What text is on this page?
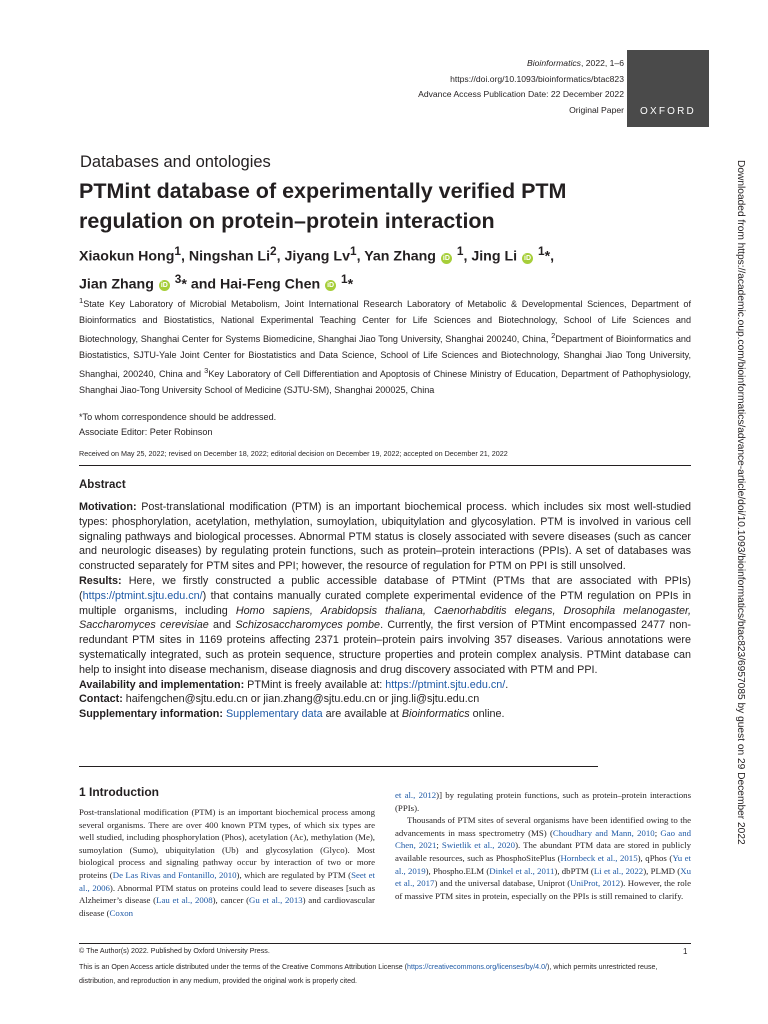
Bioinformatics, 2022, 1–6
https://doi.org/10.1093/bioinformatics/btac823
Advance Access Publication Date: 22 December 2022
Original Paper OXFORD
Downloaded from https://academic.oup.com/bioinformatics/advance-article/doi/10.1093/bioinformatics/btac823/6957085 by guest on 29 December 2022
Databases and ontologies
PTMint database of experimentally verified PTM regulation on protein–protein interaction
Xiaokun Hong$^1$, Ningshan Li$^2$, Jiyang Lv$^1$, Yan Zhang iD $^1$, Jing Li iD $^1$*,
Jian Zhang iD $^3$* and Hai-Feng Chen iD $^1$*
$^1$State Key Laboratory of Microbial Metabolism, Joint International Research Laboratory of Metabolic & Developmental Sciences, Department of Bioinformatics and Biostatistics, National Experimental Teaching Center for Life Sciences and Biotechnology, School of Life Sciences and Biotechnology, Shanghai Center for Systems Biomedicine, Shanghai Jiao Tong University, Shanghai 200240, China, $^2$Department of Bioinformatics and Biostatistics, SJTU-Yale Joint Center for Biostatistics and Data Science, School of Life Sciences and Biotechnology, Shanghai Jiao Tong University, Shanghai, 200240, China and $^3$Key Laboratory of Cell Differentiation and Apoptosis of Chinese Ministry of Education, Department of Pathophysiology, Shanghai Jiao-Tong University School of Medicine (SJTU-SM), Shanghai 200025, China
*To whom correspondence should be addressed.
Associate Editor: Peter Robinson
Received on May 25, 2022; revised on December 18, 2022; editorial decision on December 19, 2022; accepted on December 21, 2022
Abstract

Motivation: Post-translational modification (PTM) is an important biochemical process. which includes six most well-studied types: phosphorylation, acetylation, methylation, sumoylation, ubiquitylation and glycosylation. PTM is involved in various cell signaling pathways and biological processes. Abnormal PTM status is closely associated with severe diseases (such as cancer and neurologic diseases) by regulating protein functions, such as protein–protein interactions (PPIs). A set of databases was constructed separately for PTM sites and PPI; however, the resource of regulation for PTM on PPI is still unsolved.

Results: Here, we firstly constructed a public accessible database of PTMint (PTMs that are associated with PPIs) (https://ptmint.sjtu.edu.cn/) that contains manually curated complete experimental evidence of the PTM regulation on PPIs in multiple organisms, including Homo sapiens, Arabidopsis thaliana, Caenorhabditis elegans, Drosophila melanogaster, Saccharomyces cerevisiae and Schizosaccharomyces pombe. Currently, the first version of PTMint encompassed 2477 non-redundant PTM sites in 1169 proteins affecting 2371 protein–protein pairs involving 357 diseases. Various annotations were systematically integrated, such as protein sequence, structure properties and protein complex analysis. PTMint database can help to insight into disease mechanism, disease diagnosis and drug discovery associated with PTM and PPI.

Availability and implementation: PTMint is freely available at: https://ptmint.sjtu.edu.cn/.

Contact: haifengchen@sjtu.edu.cn or jian.zhang@sjtu.edu.cn or jing.li@sjtu.edu.cn

Supplementary information: Supplementary data are available at Bioinformatics online.

1 Introduction

Post-translational modification (PTM) is an important biochemical process among several organisms. There are over 400 known PTM types, of which six types are well studied, including phosphorylation (Phos), acetylation (Ac), methylation (Me), sumoylation (Sumo), ubiquitylation (Ub) and glycosylation (Glyco). Most biological process and signaling pathway occur by interaction of two or more proteins (De Las Rivas and Fontanillo, 2010), which are regulated by PTM (Seet et al., 2006). Abnormal PTM status on proteins could lead to severe diseases [such as Alzheimer’s disease (Lau et al., 2008), cancer (Gu et al., 2013) and cardiovascular disease (Coxon

et al., 2012)] by regulating protein functions, such as protein–protein interactions (PPIs).

Thousands of PTM sites of several organisms have been identified owing to the advancements in mass spectrometry (MS) (Choudhary and Mann, 2010; Gao and Chen, 2021; Swietlik et al., 2020). The abundant PTM data are stored in publicly available resources, such as PhosphoSitePlus (Hornbeck et al., 2015), qPhos (Yu et al., 2019), Phospho.ELM (Dinkel et al., 2011), dbPTM (Li et al., 2022), PLMD (Xu et al., 2017) and the universal database, Uniprot (UniProt, 2012). However, the role of massive PTM sites in protein, especially on the PPIs is still remained to clarify.

© The Author(s) 2022. Published by Oxford University Press.	1
This is an Open Access article distributed under the terms of the Creative Commons Attribution License (https://creativecommons.org/licenses/by/4.0/), which permits unrestricted reuse, distribution, and reproduction in any medium, provided the original work is properly cited.
